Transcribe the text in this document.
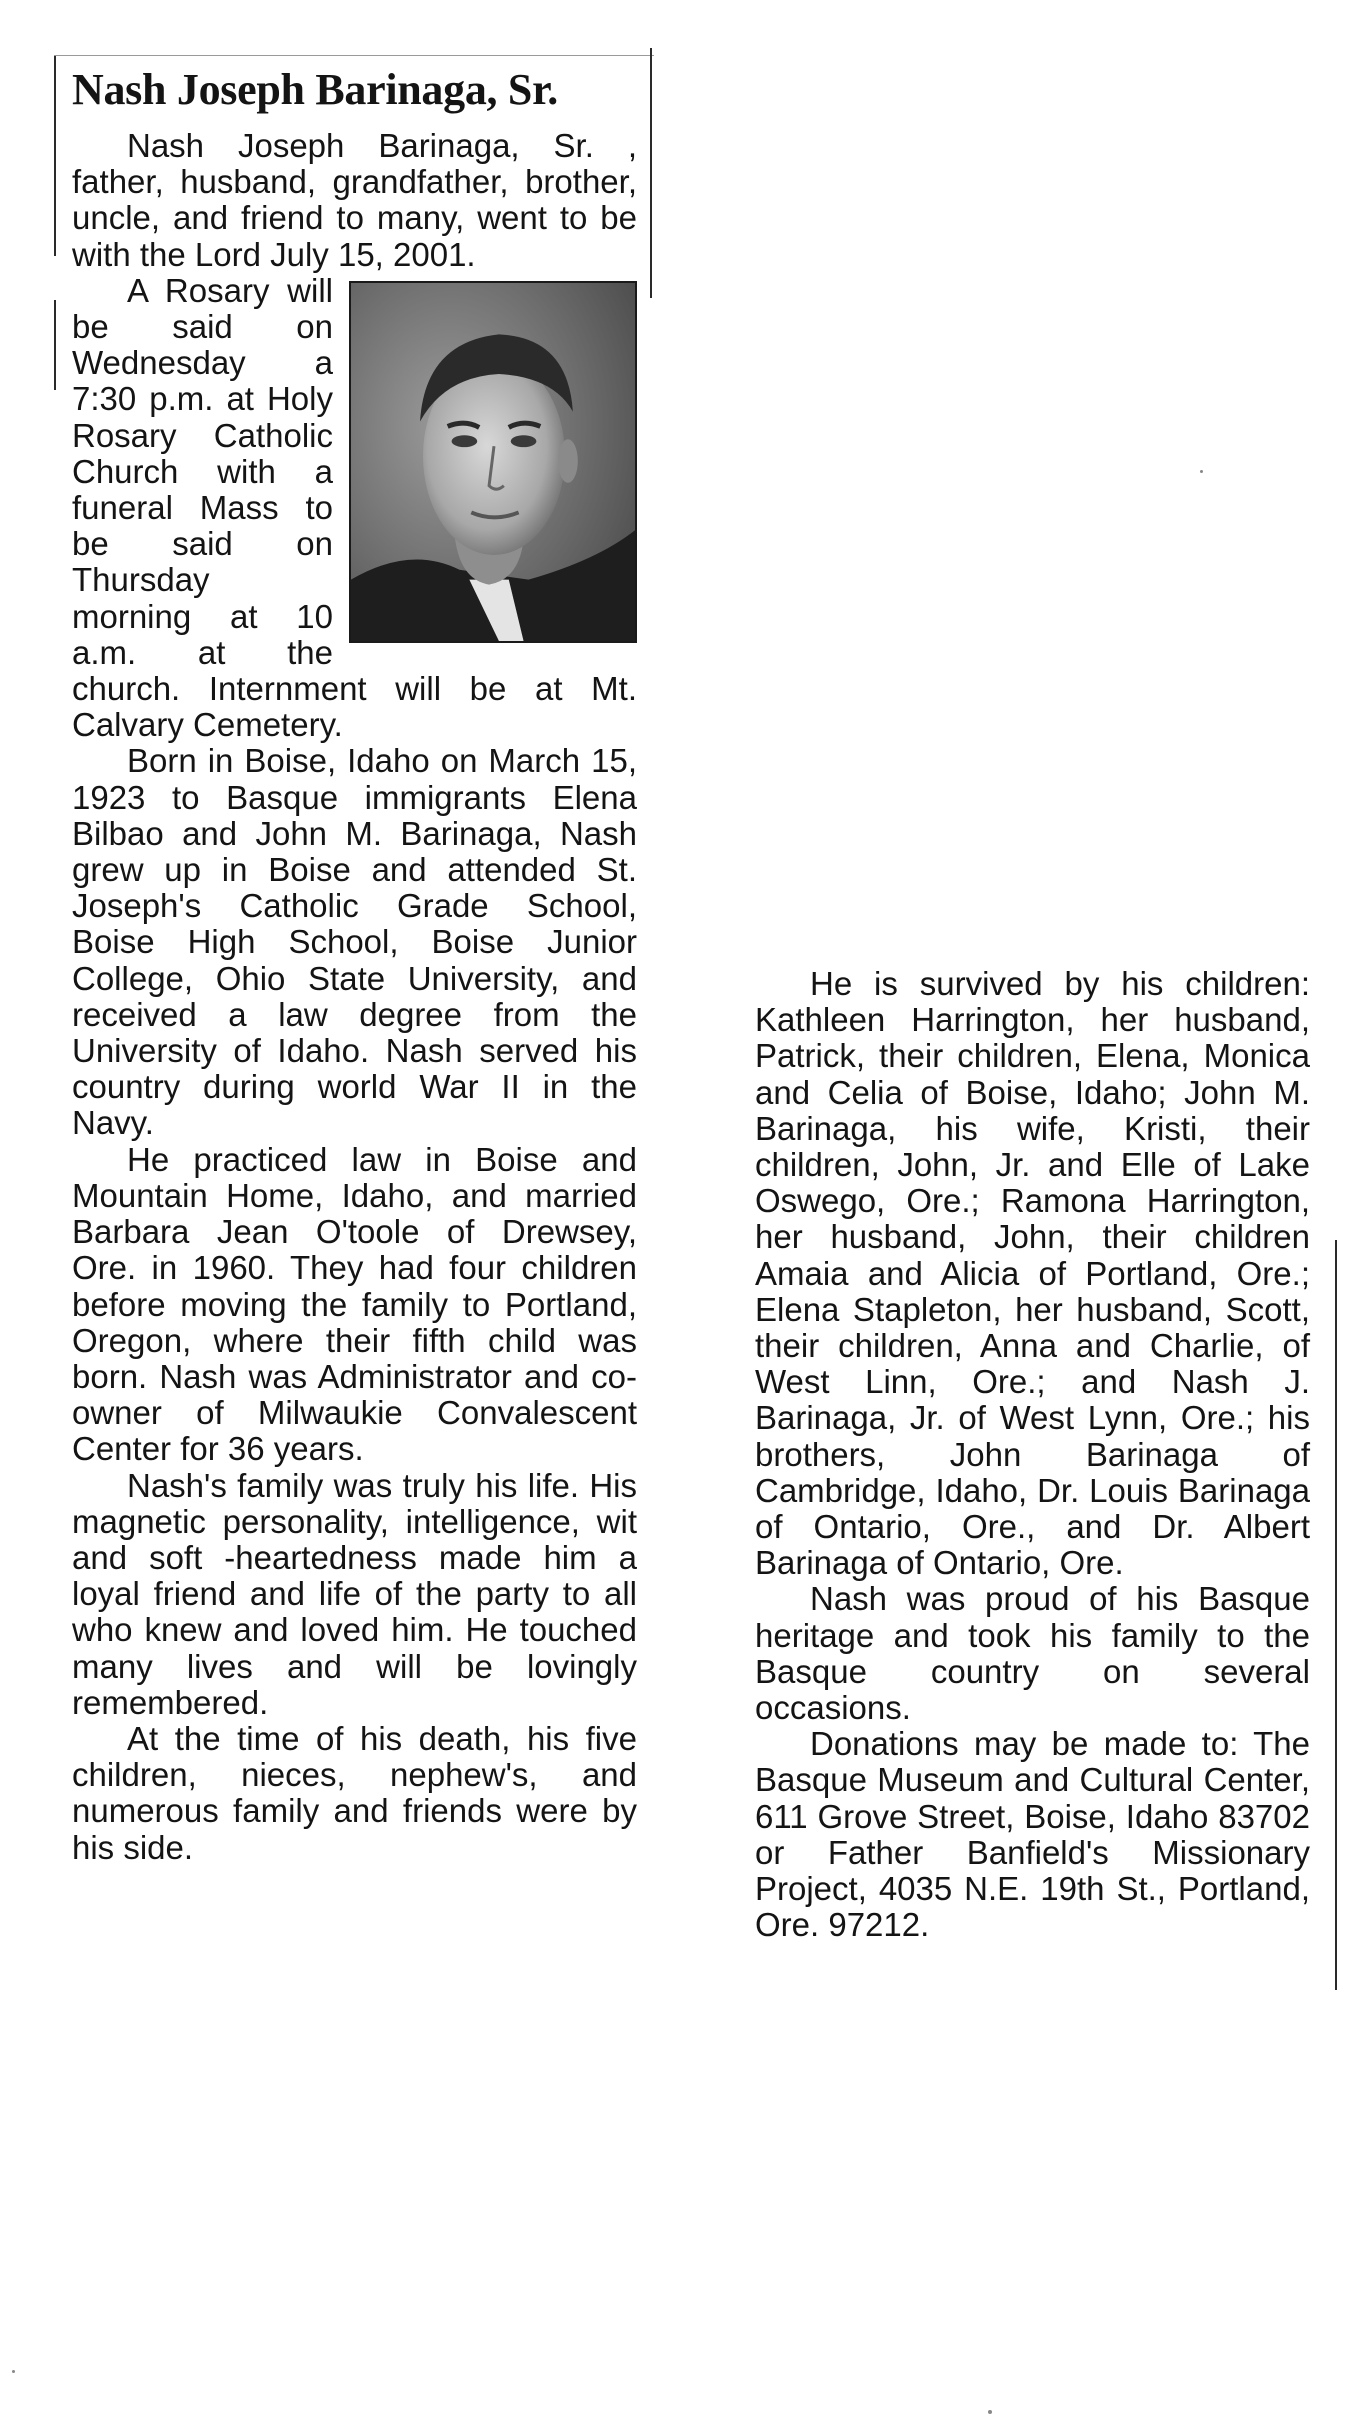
Nash Joseph Barinaga, Sr.

Nash Joseph Barinaga, Sr. , father, husband, grandfather, brother, uncle, and friend to many, went to be with the Lord July 15, 2001.

A Rosary will be said on Wednesday a 7:30 p.m. at Holy Rosary Catholic Church with a funeral Mass to be said on Thursday morning at 10 a.m. at the church. Internment will be at Mt. Calvary Cemetery.

Born in Boise, Idaho on March 15, 1923 to Basque immigrants Elena Bilbao and John M. Barinaga, Nash grew up in Boise and attended St. Joseph's Catholic Grade School, Boise High School, Boise Junior College, Ohio State University, and received a law degree from the University of Idaho. Nash served his country during world War II in the Navy.

He practiced law in Boise and Mountain Home, Idaho, and married Barbara Jean O'toole of Drewsey, Ore. in 1960. They had four children before moving the family to Portland, Oregon, where their fifth child was born. Nash was Administrator and co-owner of Milwaukie Convalescent Center for 36 years.

Nash's family was truly his life. His magnetic personality, intelligence, wit and soft -heartedness made him a loyal friend and life of the party to all who knew and loved him. He touched many lives and will be lovingly remembered.

At the time of his death, his five children, nieces, nephew's, and numerous family and friends were by his side.

He is survived by his children: Kathleen Harrington, her husband, Patrick, their children, Elena, Monica and Celia of Boise, Idaho; John M. Barinaga, his wife, Kristi, their children, John, Jr. and Elle of Lake Oswego, Ore.; Ramona Harrington, her husband, John, their children Amaia and Alicia of Portland, Ore.; Elena Stapleton, her husband, Scott, their children, Anna and Charlie, of West Linn, Ore.; and Nash J. Barinaga, Jr. of West Lynn, Ore.; his brothers, John Barinaga of Cambridge, Idaho, Dr. Louis Barinaga of Ontario, Ore., and Dr. Albert Barinaga of Ontario, Ore.

Nash was proud of his Basque heritage and took his family to the Basque country on several occasions.

Donations may be made to: The Basque Museum and Cultural Center, 611 Grove Street, Boise, Idaho 83702 or Father Banfield's Missionary Project, 4035 N.E. 19th St., Portland, Ore. 97212.
